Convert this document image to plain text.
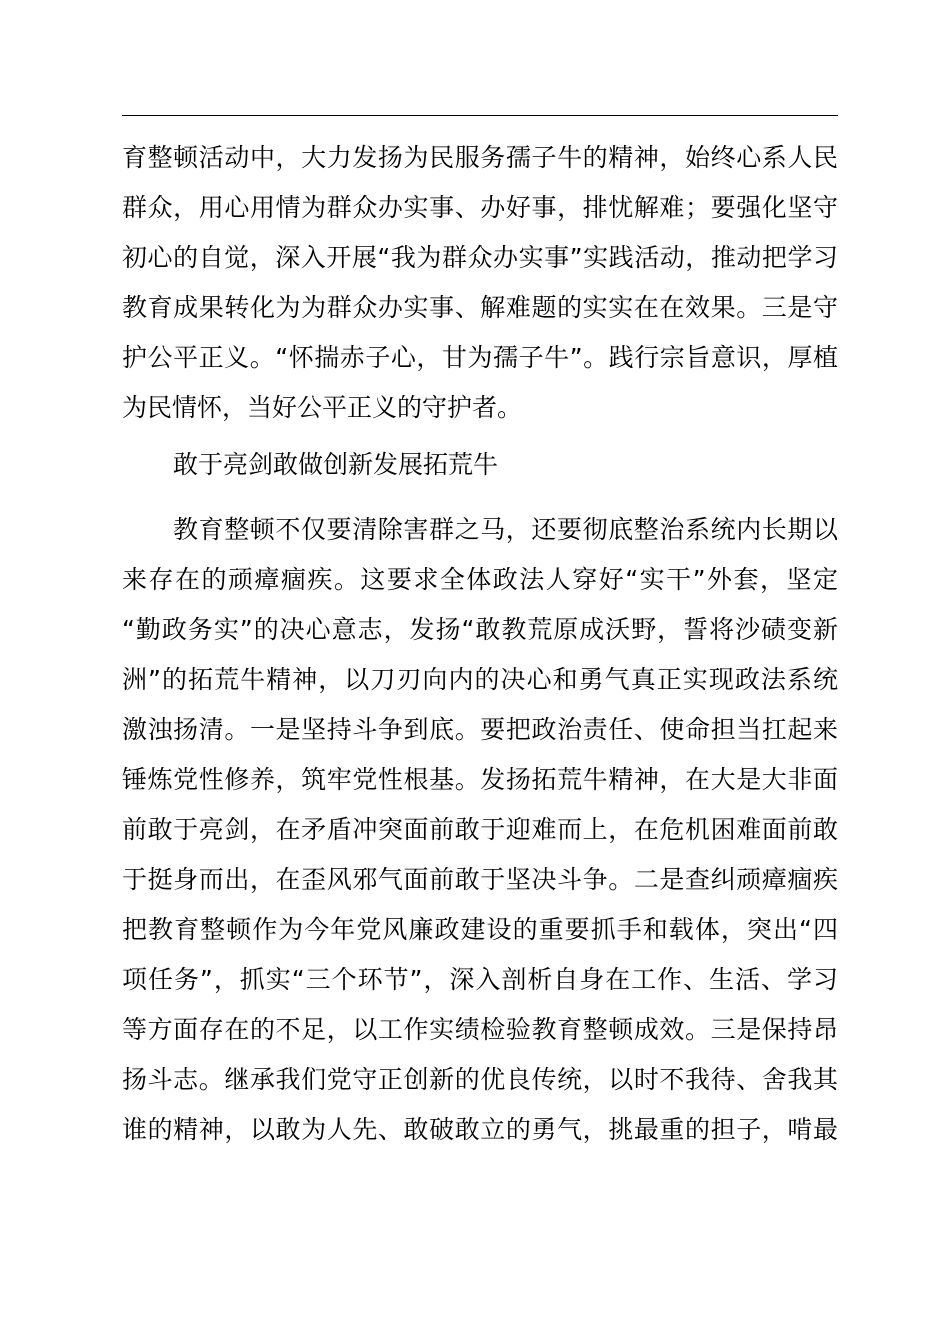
育整顿活动中，大力发扬为民服务孺子牛的精神，始终心系人民
群众，用心用情为群众办实事、办好事，排忧解难；要强化坚守
初心的自觉，深入开展“我为群众办实事”实践活动，推动把学习
教育成果转化为为群众办实事、解难题的实实在在效果。三是守
护公平正义。“怀揣赤子心，甘为孺子牛”。践行宗旨意识，厚植
为民情怀，当好公平正义的守护者。
敢于亮剑敢做创新发展拓荒牛
教育整顿不仅要清除害群之马，还要彻底整治系统内长期以
来存在的顽瘴痼疾。这要求全体政法人穿好“实干”外套，坚定
“勤政务实”的决心意志，发扬“敢教荒原成沃野，誓将沙碛变新
洲”的拓荒牛精神，以刀刃向内的决心和勇气真正实现政法系统
激浊扬清。一是坚持斗争到底。要把政治责任、使命担当扛起来
锤炼党性修养，筑牢党性根基。发扬拓荒牛精神，在大是大非面
前敢于亮剑，在矛盾冲突面前敢于迎难而上，在危机困难面前敢
于挺身而出，在歪风邪气面前敢于坚决斗争。二是查纠顽瘴痼疾
把教育整顿作为今年党风廉政建设的重要抓手和载体，突出“四
项任务”，抓实“三个环节”，深入剖析自身在工作、生活、学习
等方面存在的不足，以工作实绩检验教育整顿成效。三是保持昂
扬斗志。继承我们党守正创新的优良传统，以时不我待、舍我其
谁的精神，以敢为人先、敢破敢立的勇气，挑最重的担子，啃最
